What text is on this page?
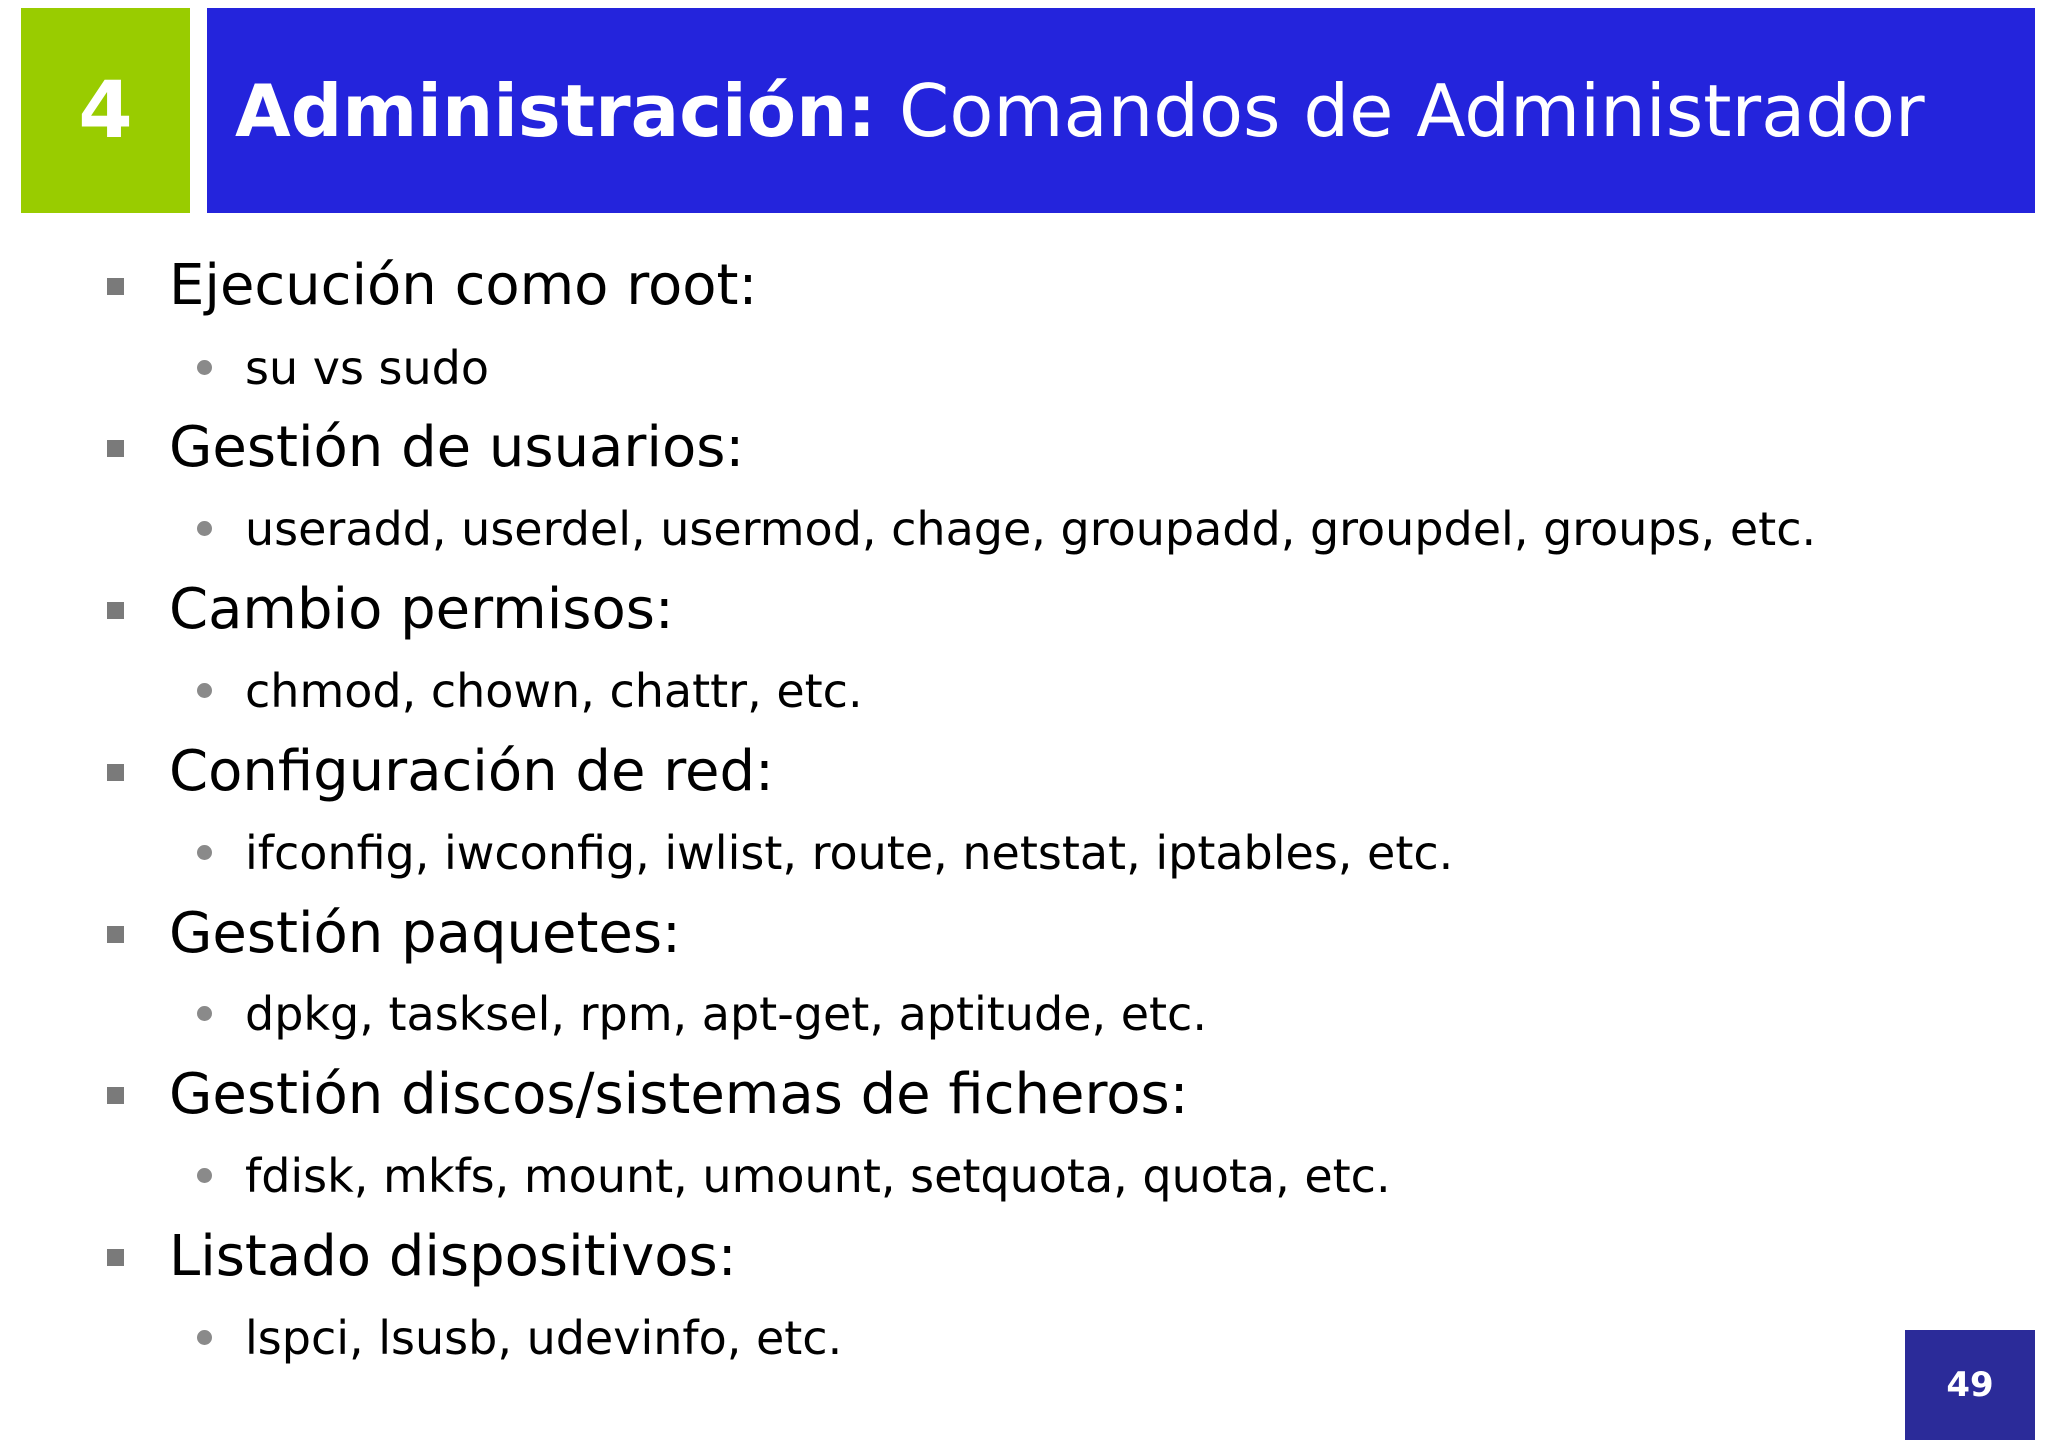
4 Administración: Comandos de Administrador
Ejecución como root:
su vs sudo
Gestión de usuarios:
useradd, userdel, usermod, chage, groupadd, groupdel, groups, etc.
Cambio permisos:
chmod, chown, chattr, etc.
Configuración de red:
ifconfig, iwconfig, iwlist, route, netstat, iptables, etc.
Gestión paquetes:
dpkg, tasksel, rpm, apt-get, aptitude, etc.
Gestión discos/sistemas de ficheros:
fdisk, mkfs, mount, umount, setquota, quota, etc.
Listado dispositivos:
lspci, lsusb, udevinfo, etc.
49
